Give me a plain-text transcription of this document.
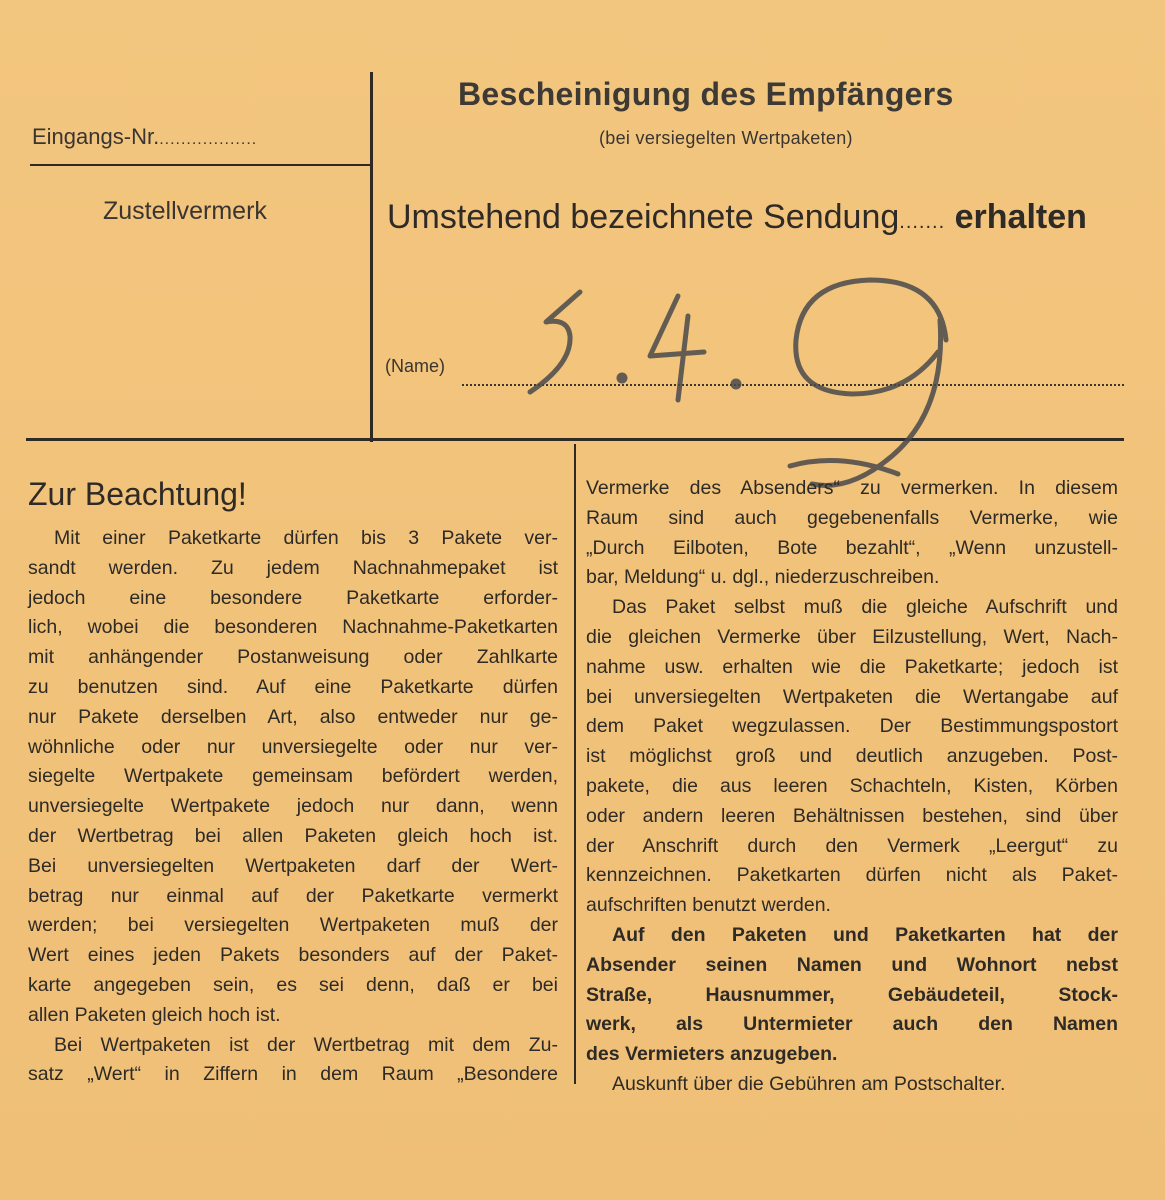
Eingangs-Nr...................
Zustellvermerk
Bescheinigung des Empfängers
(bei versiegelten Wertpaketen)
Umstehend bezeichnete Sendung....... erhalten
(Name)
Zur Beachtung!

Mit einer Paketkarte dürfen bis 3 Pakete ver-

sandt werden. Zu jedem Nachnahmepaket ist

jedoch eine besondere Paketkarte erforder-

lich, wobei die besonderen Nachnahme-Paketkarten

mit anhängender Postanweisung oder Zahlkarte

zu benutzen sind. Auf eine Paketkarte dürfen

nur Pakete derselben Art, also entweder nur ge-

wöhnliche oder nur unversiegelte oder nur ver-

siegelte Wertpakete gemeinsam befördert werden,

unversiegelte Wertpakete jedoch nur dann, wenn

der Wertbetrag bei allen Paketen gleich hoch ist.

Bei unversiegelten Wertpaketen darf der Wert-

betrag nur einmal auf der Paketkarte vermerkt

werden; bei versiegelten Wertpaketen muß der

Wert eines jeden Pakets besonders auf der Paket-

karte angegeben sein, es sei denn, daß er bei

allen Paketen gleich hoch ist.

Bei Wertpaketen ist der Wertbetrag mit dem Zu-

satz „Wert“ in Ziffern in dem Raum „Besondere

Vermerke des Absenders“ zu vermerken. In diesem

Raum sind auch gegebenenfalls Vermerke, wie

„Durch Eilboten, Bote bezahlt“, „Wenn unzustell-

bar, Meldung“ u. dgl., niederzuschreiben.

Das Paket selbst muß die gleiche Aufschrift und

die gleichen Vermerke über Eilzustellung, Wert, Nach-

nahme usw. erhalten wie die Paketkarte; jedoch ist

bei unversiegelten Wertpaketen die Wertangabe auf

dem Paket wegzulassen. Der Bestimmungspostort

ist möglichst groß und deutlich anzugeben. Post-

pakete, die aus leeren Schachteln, Kisten, Körben

oder andern leeren Behältnissen bestehen, sind über

der Anschrift durch den Vermerk „Leergut“ zu

kennzeichnen. Paketkarten dürfen nicht als Paket-

aufschriften benutzt werden.

Auf den Paketen und Paketkarten hat der

Absender seinen Namen und Wohnort nebst

Straße, Hausnummer, Gebäudeteil, Stock-

werk, als Untermieter auch den Namen

des Vermieters anzugeben.

Auskunft über die Gebühren am Postschalter.
